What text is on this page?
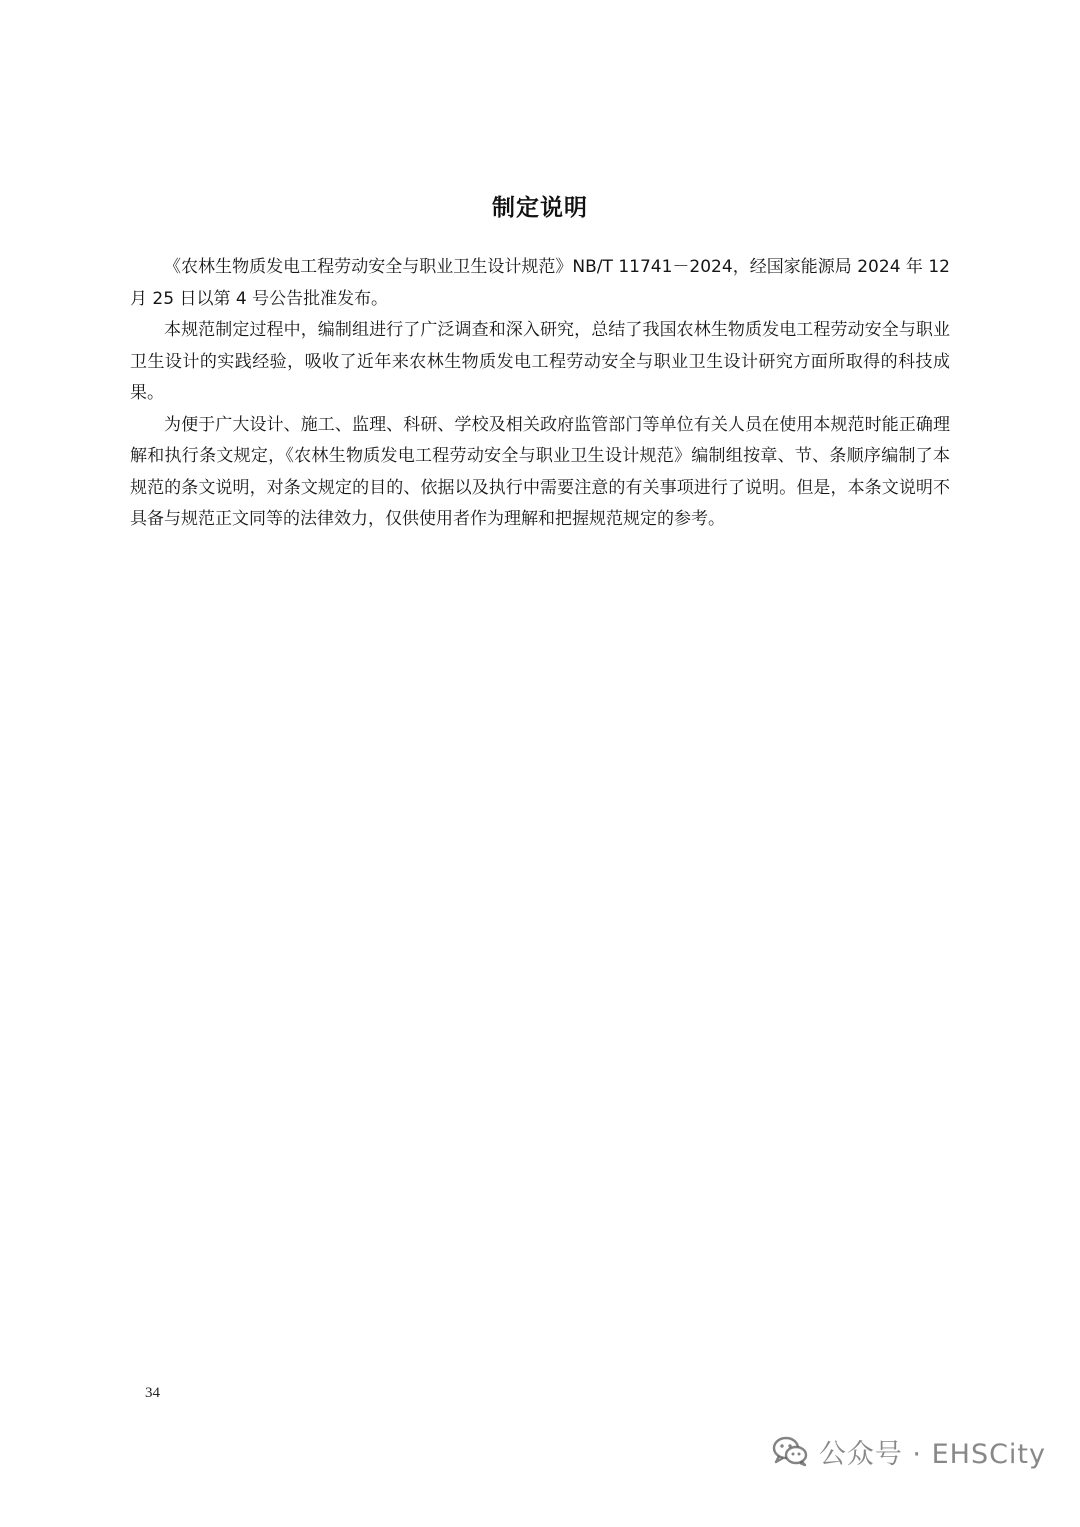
制定说明

《农林生物质发电工程劳动安全与职业卫生设计规范》NB/T 11741－2024，经国家能源局 2024 年 12 月 25 日以第 4 号公告批准发布。

本规范制定过程中，编制组进行了广泛调查和深入研究，总结了我国农林生物质发电工程劳动安全与职业卫生设计的实践经验，吸收了近年来农林生物质发电工程劳动安全与职业卫生设计研究方面所取得的科技成果。

为便于广大设计、施工、监理、科研、学校及相关政府监管部门等单位有关人员在使用本规范时能正确理解和执行条文规定，《农林生物质发电工程劳动安全与职业卫生设计规范》编制组按章、节、条顺序编制了本规范的条文说明，对条文规定的目的、依据以及执行中需要注意的有关事项进行了说明。但是，本条文说明不具备与规范正文同等的法律效力，仅供使用者作为理解和把握规范规定的参考。

34
公众号 · EHSCity
